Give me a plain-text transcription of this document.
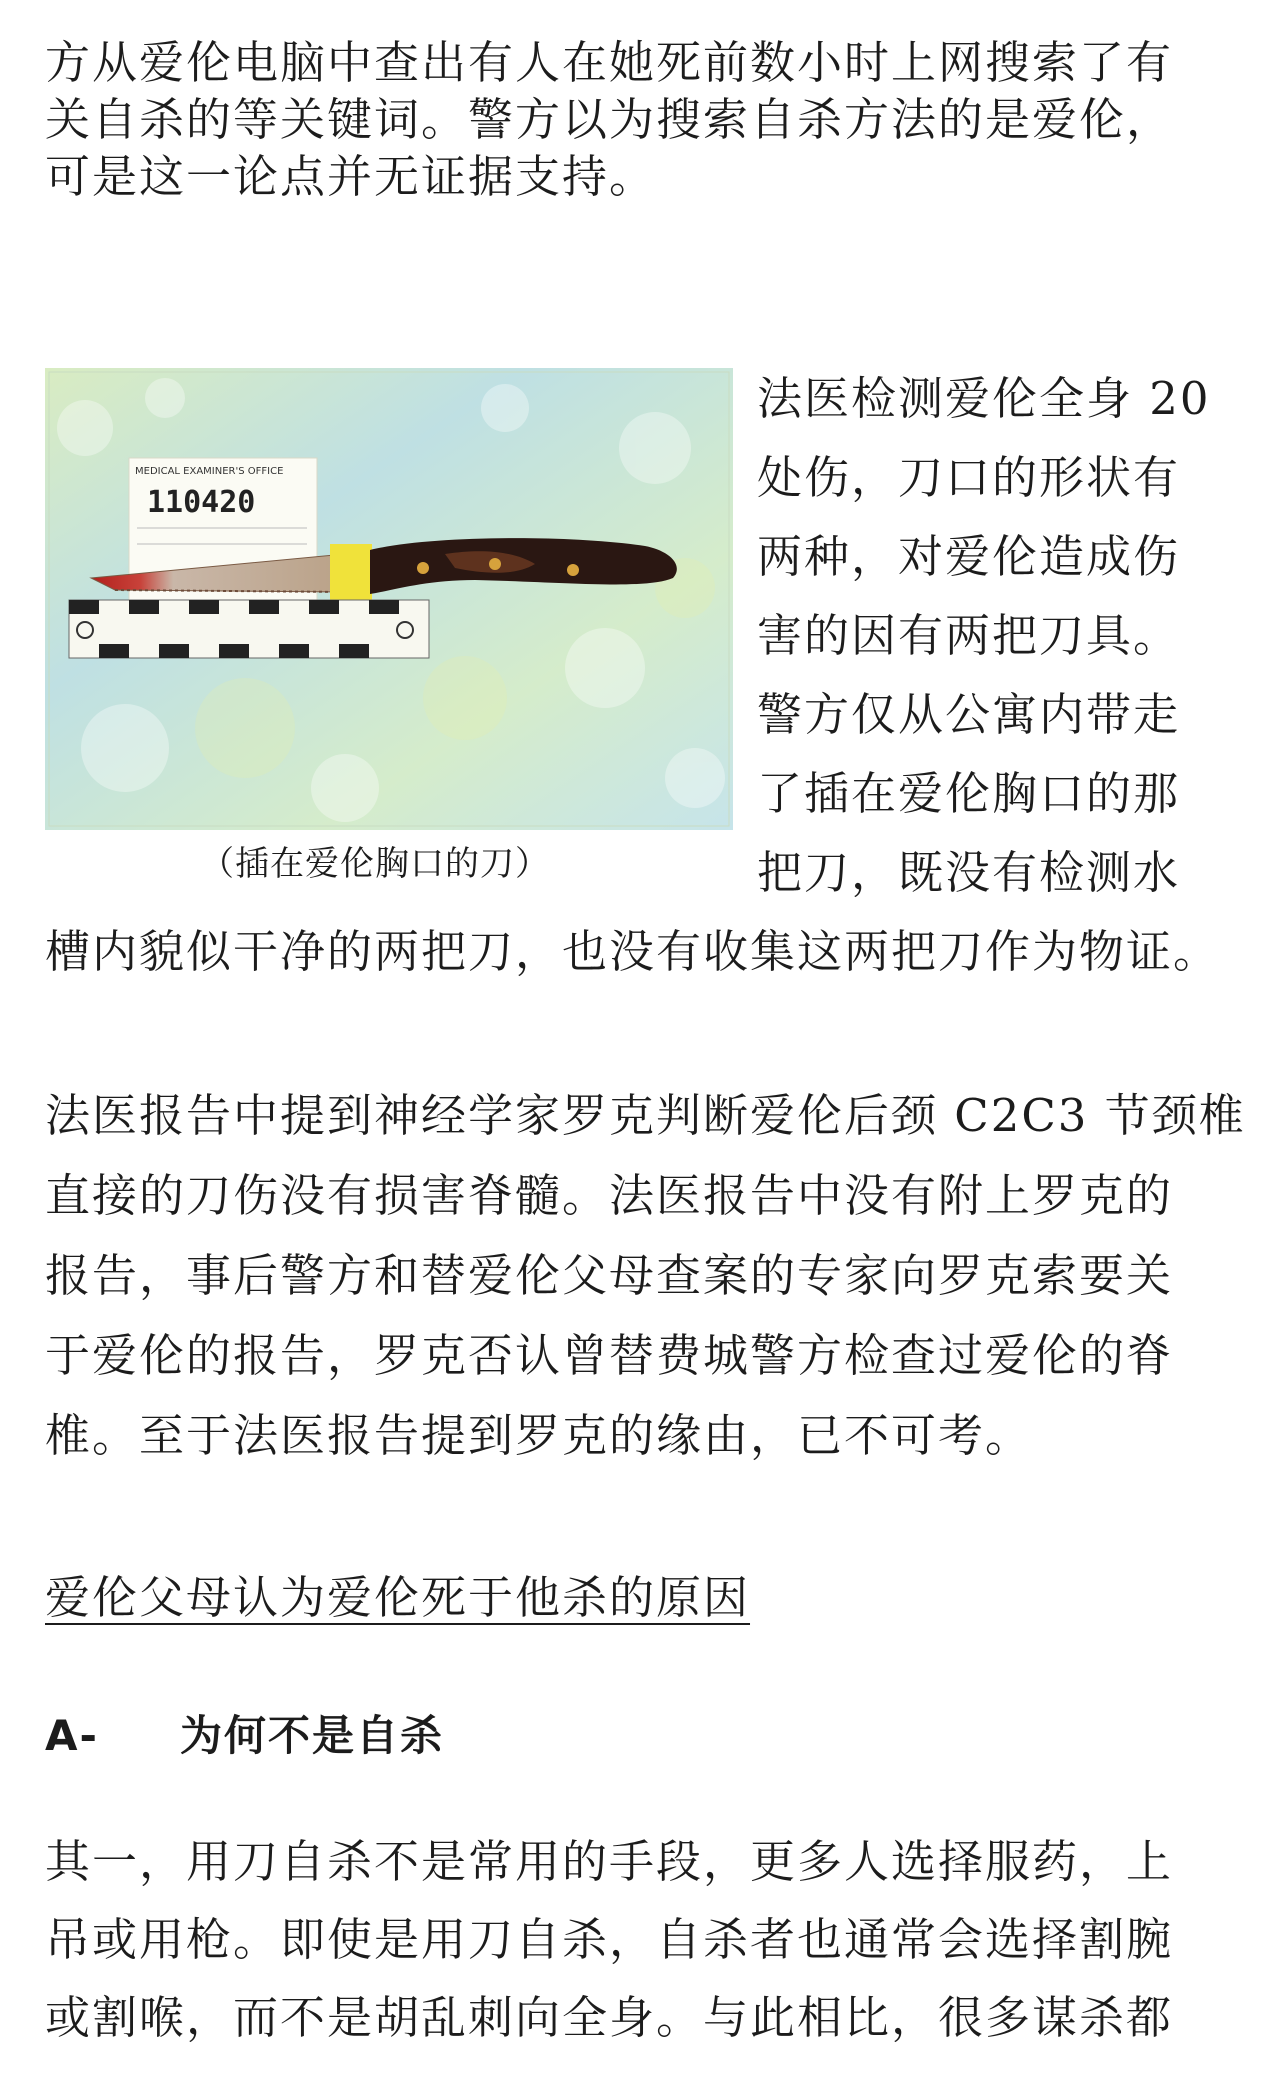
方从爱伦电脑中查出有人在她死前数小时上网搜索了有
关自杀的等关键词。警方以为搜索自杀方法的是爱伦，
可是这一论点并无证据支持。
MEDICAL EXAMINER'S OFFICE
110420
（插在爱伦胸口的刀）
法医检测爱伦全身 20
处伤，刀口的形状有
两种，对爱伦造成伤
害的因有两把刀具。
警方仅从公寓内带走
了插在爱伦胸口的那
把刀，既没有检测水
槽内貌似干净的两把刀，也没有收集这两把刀作为物证。
法医报告中提到神经学家罗克判断爱伦后颈 C2C3 节颈椎
直接的刀伤没有损害脊髓。法医报告中没有附上罗克的
报告，事后警方和替爱伦父母查案的专家向罗克索要关
于爱伦的报告，罗克否认曾替费城警方检查过爱伦的脊
椎。至于法医报告提到罗克的缘由，已不可考。
爱伦父母认为爱伦死于他杀的原因
A- 为何不是自杀
其一，用刀自杀不是常用的手段，更多人选择服药，上
吊或用枪。即使是用刀自杀，自杀者也通常会选择割腕
或割喉，而不是胡乱刺向全身。与此相比，很多谋杀都
